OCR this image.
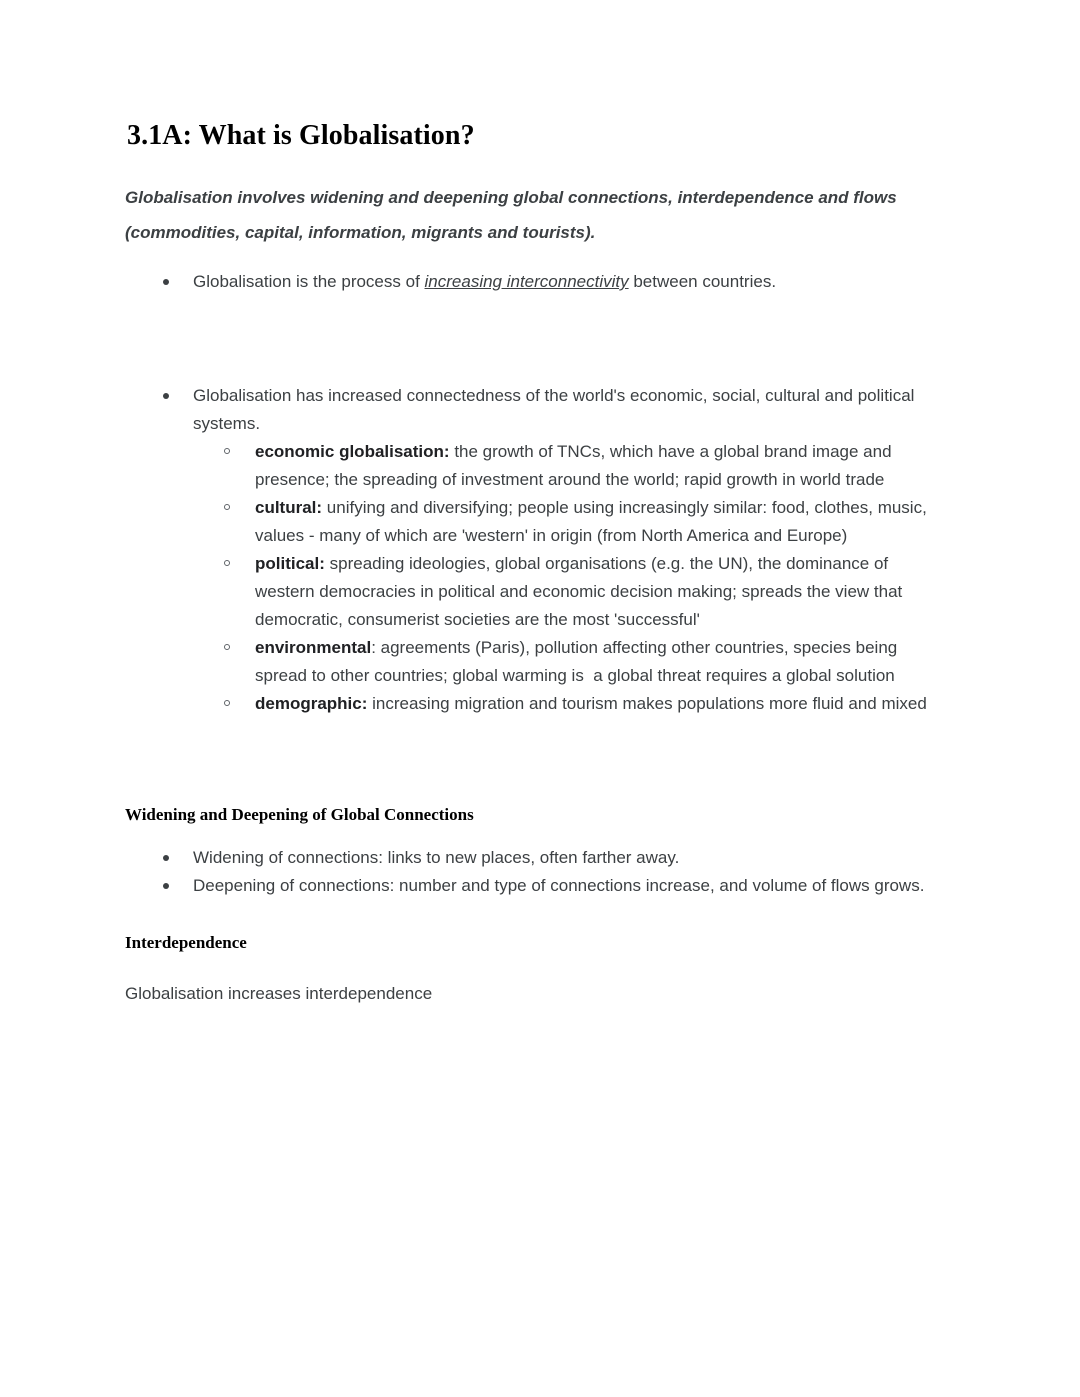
3.1A: What is Globalisation?

Globalisation involves widening and deepening global connections, interdependence and flows (commodities, capital, information, migrants and tourists).

Globalisation is the process of increasing interconnectivity between countries.
Globalisation has increased connectedness of the world's economic, social, cultural and political systems.
economic globalisation: the growth of TNCs, which have a global brand image and presence; the spreading of investment around the world; rapid growth in world trade
cultural: unifying and diversifying; people using increasingly similar: food, clothes, music, values - many of which are 'western' in origin (from North America and Europe)
political: spreading ideologies, global organisations (e.g. the UN), the dominance of western democracies in political and economic decision making; spreads the view that democratic, consumerist societies are the most 'successful'
environmental: agreements (Paris), pollution affecting other countries, species being spread to other countries; global warming is  a global threat requires a global solution
demographic: increasing migration and tourism makes populations more fluid and mixed
Widening and Deepening of Global Connections
Widening of connections: links to new places, often farther away.
Deepening of connections: number and type of connections increase, and volume of flows grows.
Interdependence

Globalisation increases interdependence
